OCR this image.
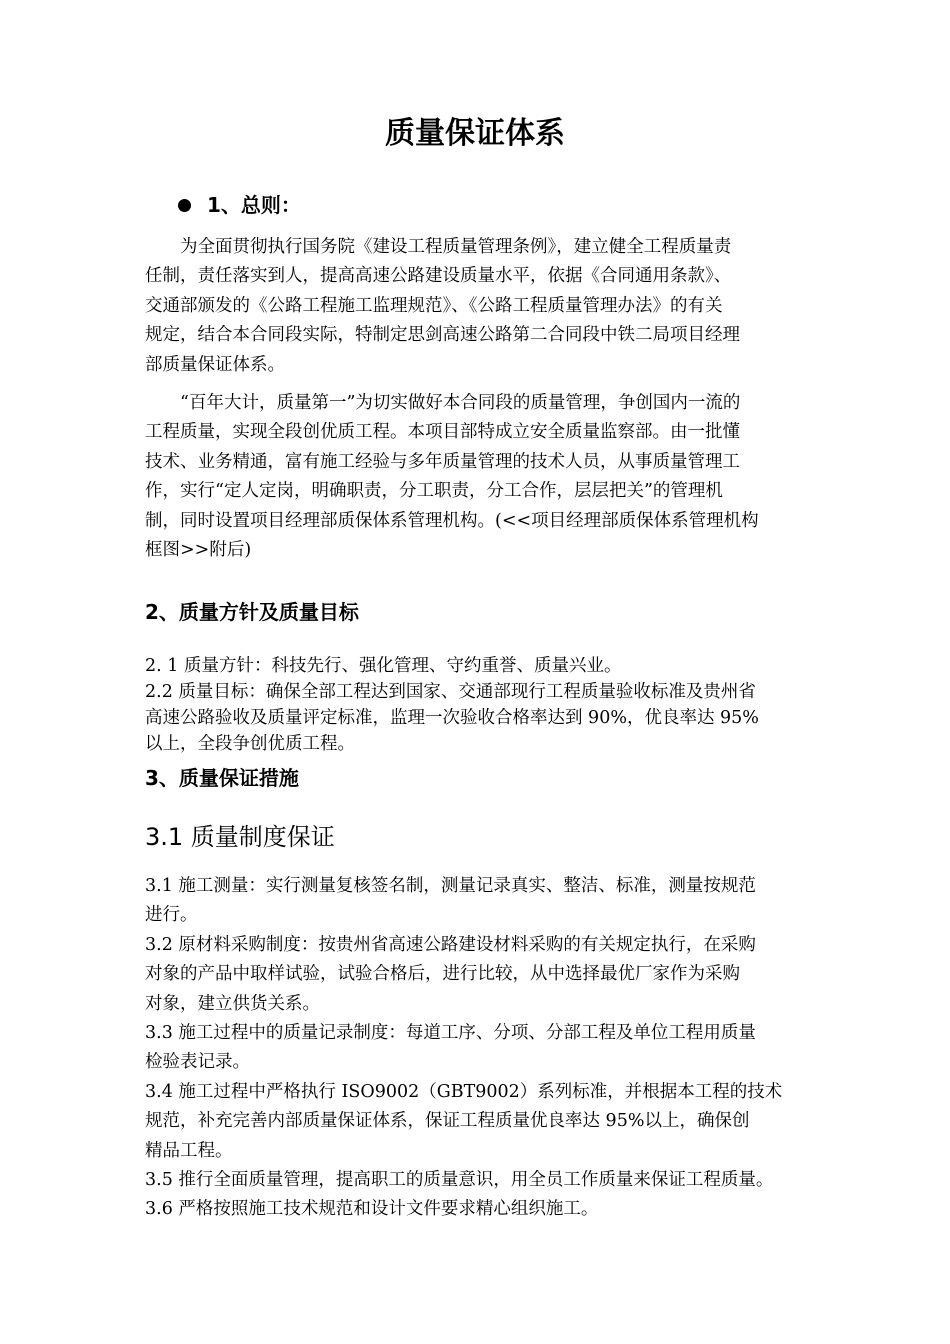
质量保证体系
1、总则：
为全面贯彻执行国务院《建设工程质量管理条例》，建立健全工程质量责
任制，责任落实到人，提高高速公路建设质量水平，依据《合同通用条款》、
交通部颁发的《公路工程施工监理规范》、《公路工程质量管理办法》的有关
规定，结合本合同段实际，特制定思剑高速公路第二合同段中铁二局项目经理
部质量保证体系。
“百年大计，质量第一”为切实做好本合同段的质量管理，争创国内一流的
工程质量，实现全段创优质工程。本项目部特成立安全质量监察部。由一批懂
技术、业务精通，富有施工经验与多年质量管理的技术人员，从事质量管理工
作，实行“定人定岗，明确职责，分工职责，分工合作，层层把关”的管理机
制，同时设置项目经理部质保体系管理机构。(<<项目经理部质保体系管理机构
框图>>附后)
2、质量方针及质量目标
2. 1 质量方针：科技先行、强化管理、守约重誉、质量兴业。
2.2 质量目标：确保全部工程达到国家、交通部现行工程质量验收标准及贵州省
高速公路验收及质量评定标准，监理一次验收合格率达到 90%，优良率达 95%
以上，全段争创优质工程。
3、质量保证措施
3.1 质量制度保证
3.1 施工测量：实行测量复核签名制，测量记录真实、整洁、标准，测量按规范
进行。
3.2 原材料采购制度：按贵州省高速公路建设材料采购的有关规定执行，在采购
对象的产品中取样试验，试验合格后，进行比较，从中选择最优厂家作为采购
对象，建立供货关系。
3.3 施工过程中的质量记录制度：每道工序、分项、分部工程及单位工程用质量
检验表记录。
3.4 施工过程中严格执行 ISO9002（GBT9002）系列标准，并根据本工程的技术
规范，补充完善内部质量保证体系，保证工程质量优良率达 95%以上，确保创
精品工程。
3.5 推行全面质量管理，提高职工的质量意识，用全员工作质量来保证工程质量。
3.6 严格按照施工技术规范和设计文件要求精心组织施工。
